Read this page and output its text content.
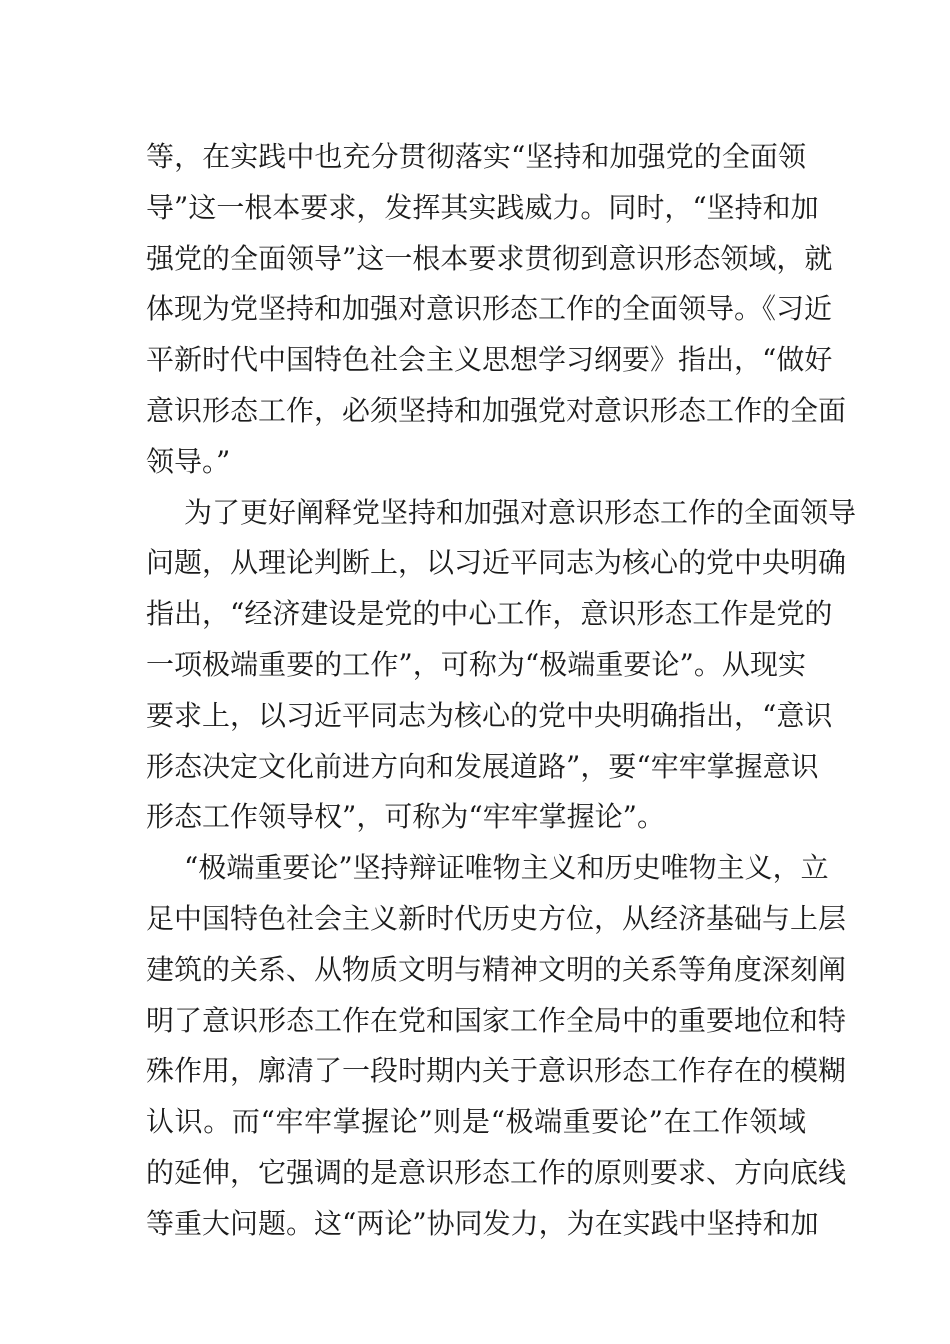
等，在实践中也充分贯彻落实“坚持和加强党的全面领
导”这一根本要求，发挥其实践威力。同时，“坚持和加
强党的全面领导”这一根本要求贯彻到意识形态领域，就
体现为党坚持和加强对意识形态工作的全面领导。《习近
平新时代中国特色社会主义思想学习纲要》指出，“做好
意识形态工作，必须坚持和加强党对意识形态工作的全面
领导。”
为了更好阐释党坚持和加强对意识形态工作的全面领导
问题，从理论判断上，以习近平同志为核心的党中央明确
指出，“经济建设是党的中心工作，意识形态工作是党的
一项极端重要的工作”，可称为“极端重要论”。从现实
要求上，以习近平同志为核心的党中央明确指出，“意识
形态决定文化前进方向和发展道路”，要“牢牢掌握意识
形态工作领导权”，可称为“牢牢掌握论”。
“极端重要论”坚持辩证唯物主义和历史唯物主义，立
足中国特色社会主义新时代历史方位，从经济基础与上层
建筑的关系、从物质文明与精神文明的关系等角度深刻阐
明了意识形态工作在党和国家工作全局中的重要地位和特
殊作用，廓清了一段时期内关于意识形态工作存在的模糊
认识。而“牢牢掌握论”则是“极端重要论”在工作领域
的延伸，它强调的是意识形态工作的原则要求、方向底线
等重大问题。这“两论”协同发力，为在实践中坚持和加
